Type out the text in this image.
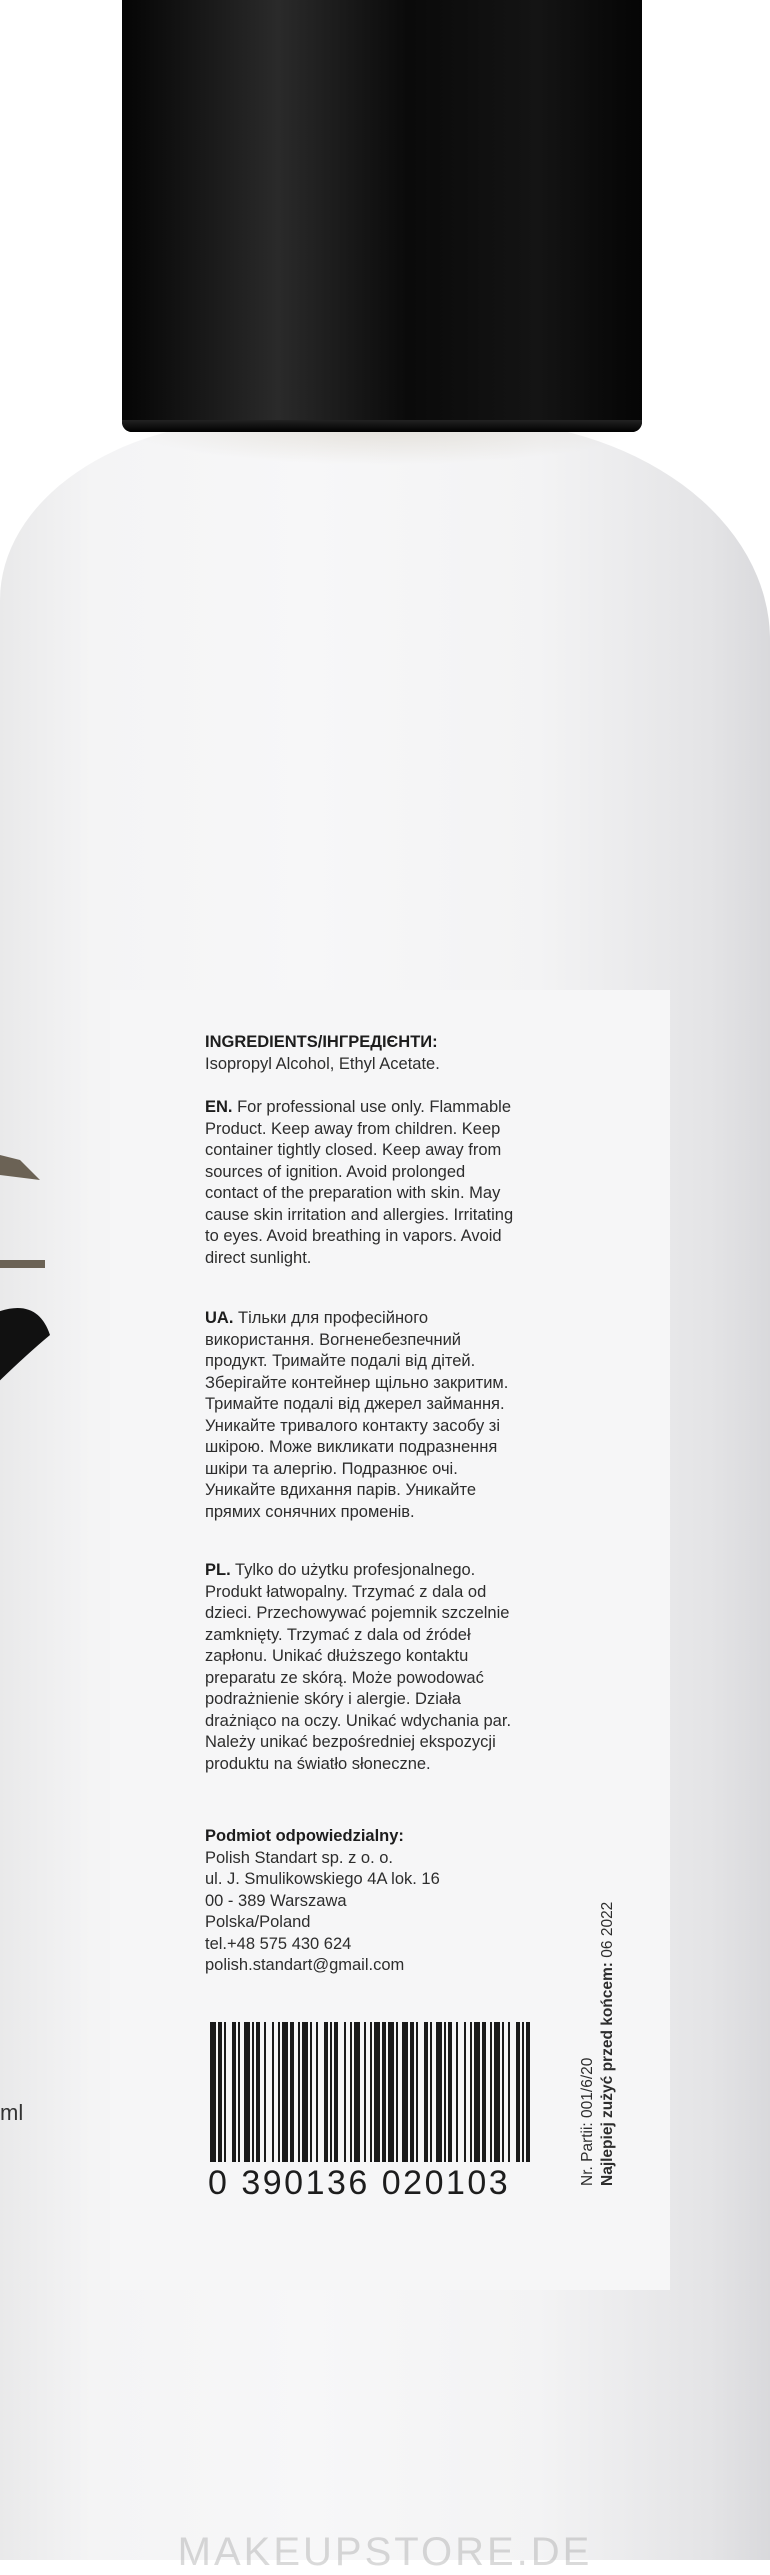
ml
INGREDIENTS/ІНГРЕДІЄНТИ:
Isopropyl Alcohol, Ethyl Acetate.
EN. For professional use only. Flammable
Product. Keep away from children. Keep
container tightly closed. Keep away from
sources of ignition. Avoid prolonged
contact of the preparation with skin. May
cause skin irritation and allergies. Irritating
to eyes. Avoid breathing in vapors. Avoid
direct sunlight.
UA. Тільки для професійного
використання. Вогненебезпечний
продукт. Тримайте подалі від дітей.
Зберігайте контейнер щільно закритим.
Тримайте подалі від джерел займання.
Уникайте тривалого контакту засобу зі
шкірою. Може викликати подразнення
шкіри та алергію. Подразнює очі.
Уникайте вдихання парів. Уникайте
прямих сонячних променів.
PL. Tylko do użytku profesjonalnego.
Produkt łatwopalny. Trzymać z dala od
dzieci. Przechowywać pojemnik szczelnie
zamknięty. Trzymać z dala od źródeł
zapłonu. Unikać dłuższego kontaktu
preparatu ze skórą. Może powodować
podrażnienie skóry i alergie. Działa
drażniąco na oczy. Unikać wdychania par.
Należy unikać bezpośredniej ekspozycji
produktu na światło słoneczne.
Podmiot odpowiedzialny:
Polish Standart sp. z o. o.
ul. J. Smulikowskiego 4A lok. 16
00 - 389 Warszawa
Polska/Poland
tel.+48 575 430 624
polish.standart@gmail.com
0 390136 020103	Nr. Partii: 001/6/20 Najlepiej zużyć przed końcem: 06 2022
MAKEUPSTORE.DE
